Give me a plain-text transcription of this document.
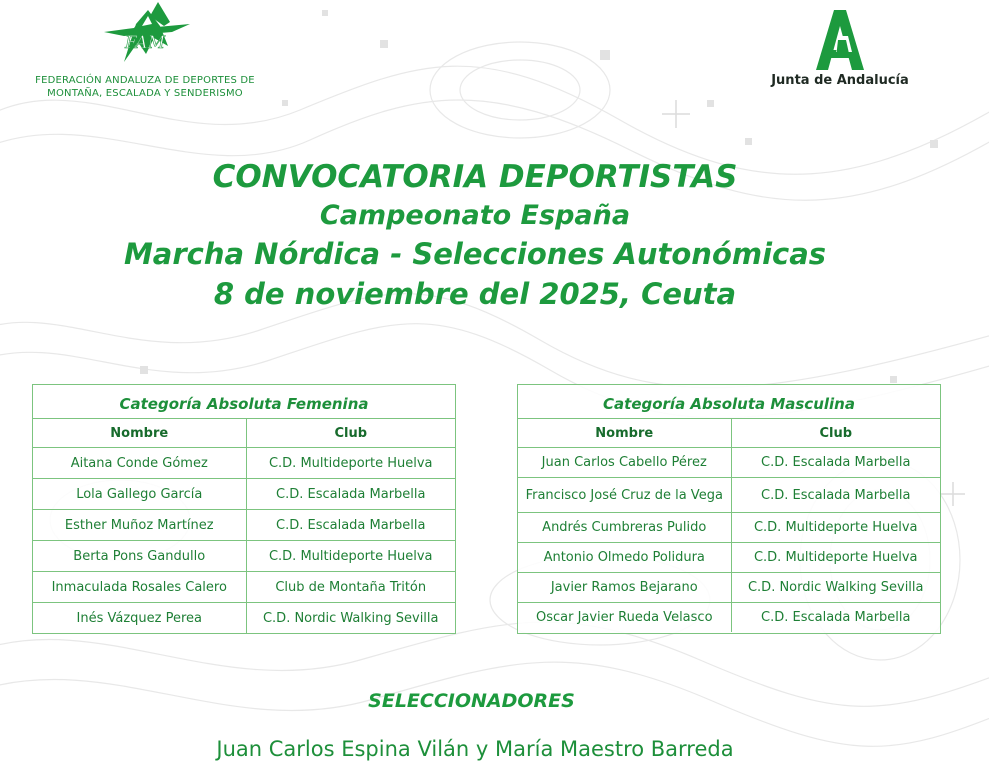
FAM
FEDERACIÓN ANDALUZA DE DEPORTES DE
MONTAÑA, ESCALADA Y SENDERISMO
Junta de Andalucía
CONVOCATORIA DEPORTISTAS
Campeonato España
Marcha Nórdica - Selecciones Autonómicas
8 de noviembre del 2025, Ceuta
Categoría Absoluta Femenina
Nombre	Club
Aitana Conde Gómez	C.D. Multideporte Huelva
Lola Gallego García	C.D. Escalada Marbella
Esther Muñoz Martínez	C.D. Escalada Marbella
Berta Pons Gandullo	C.D. Multideporte Huelva
Inmaculada Rosales Calero	Club de Montaña Tritón
Inés Vázquez Perea	C.D. Nordic Walking Sevilla
Categoría Absoluta Masculina
Nombre	Club
Juan Carlos Cabello Pérez	C.D. Escalada Marbella
Francisco José Cruz de la Vega	C.D. Escalada Marbella
Andrés Cumbreras Pulido	C.D. Multideporte Huelva
Antonio Olmedo Polidura	C.D. Multideporte Huelva
Javier Ramos Bejarano	C.D. Nordic Walking Sevilla
Oscar Javier Rueda Velasco	C.D. Escalada Marbella
SELECCIONADORES
Juan Carlos Espina Vilán y María Maestro Barreda
